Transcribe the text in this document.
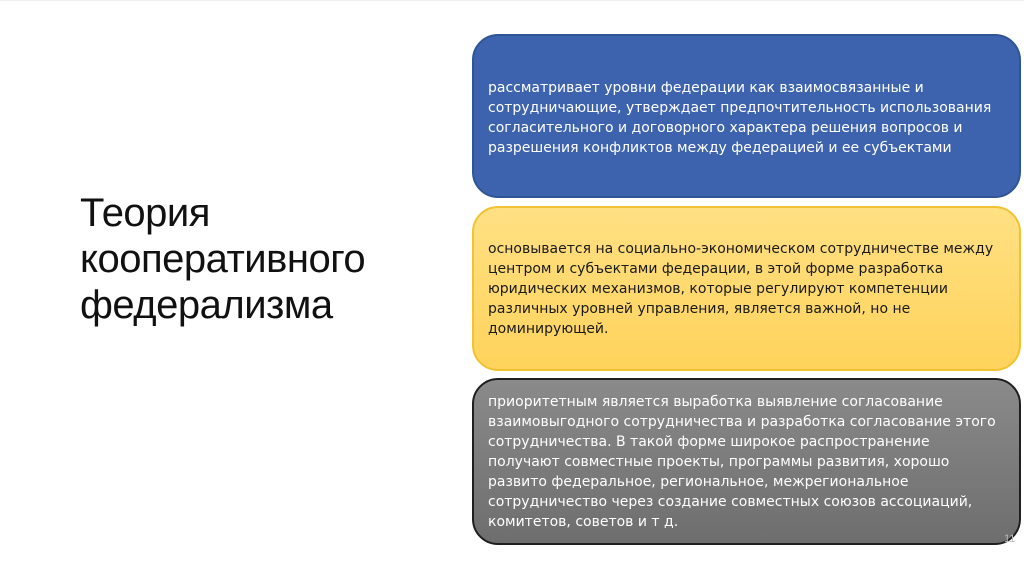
Теория
кооперативного
федерализма

рассматривает уровни федерации как взаимосвязанные и сотрудничающие, утверждает предпочтительность использования согласительного и договорного характера решения вопросов и разрешения конфликтов между федерацией и ее субъектами

основывается на социально-экономическом сотрудничестве между центром и субъектами федерации, в этой форме разработка юридических механизмов, которые регулируют компетенции различных уровней управления, является важной, но не доминирующей.

приоритетным является выработка выявление согласование взаимовыгодного сотрудничества и разработка согласование этого сотрудничества. В такой форме широкое распространение получают совместные проекты, программы развития, хорошо развито федеральное, региональное, межрегиональное сотрудничество через создание совместных союзов ассоциаций, комитетов, советов и т д.

11
